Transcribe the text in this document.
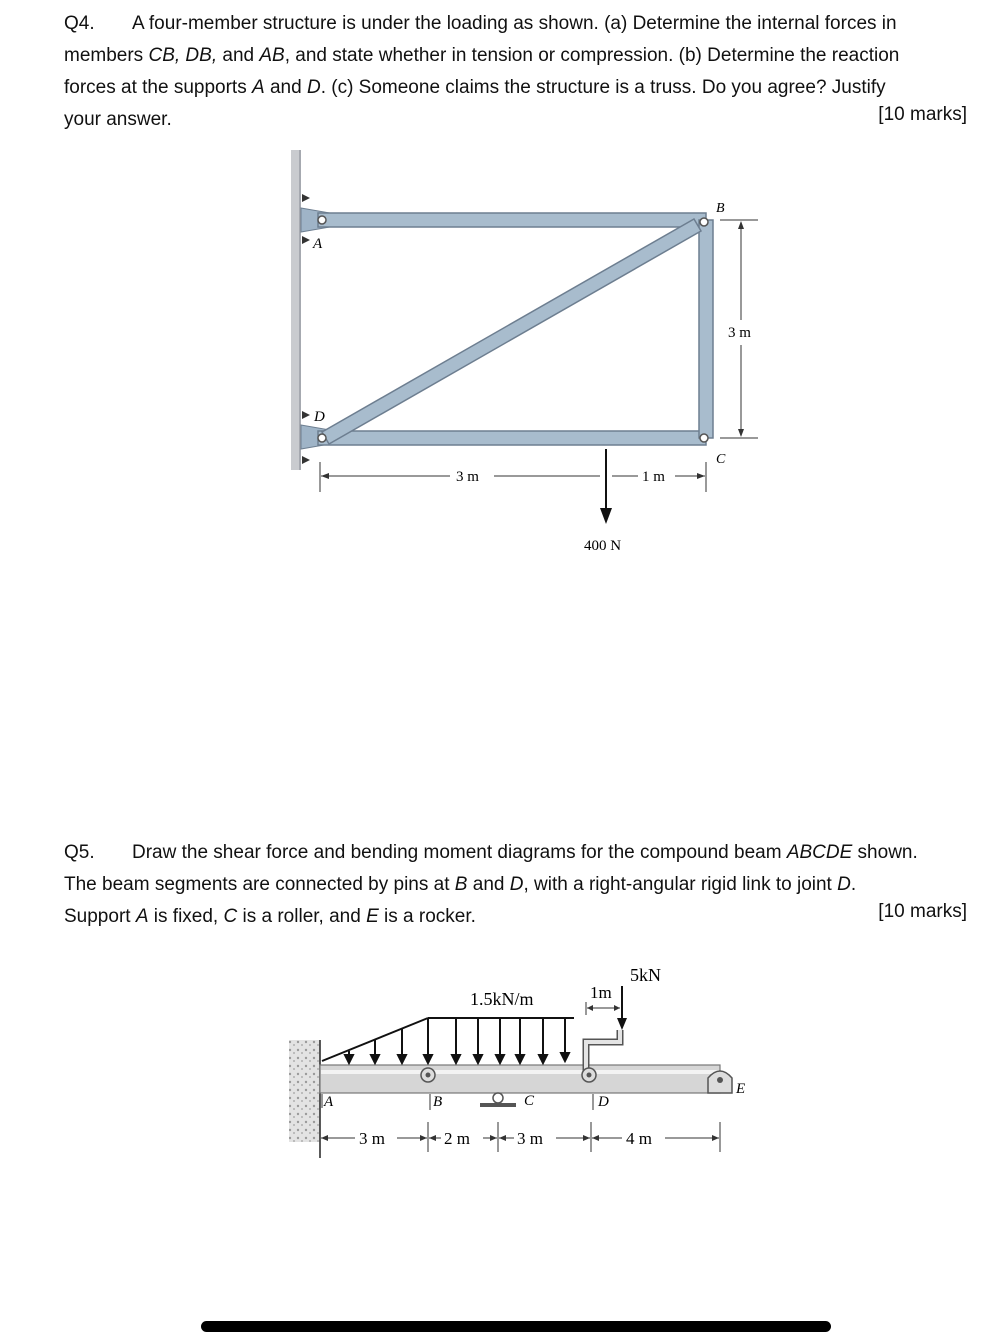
Q4. A four-member structure is under the loading as shown. (a) Determine the internal forces in
members CB, DB, and AB, and state whether in tension or compression. (b) Determine the reaction
forces at the supports A and D. (c) Someone claims the structure is a truss. Do you agree? Justify
your answer.	[10 marks]
A
D
B
C
3 m
3 m	1 m
400 N
Q5. Draw the shear force and bending moment diagrams for the compound beam ABCDE shown.
The beam segments are connected by pins at B and D, with a right-angular rigid link to joint D.
Support A is fixed, C is a roller, and E is a rocker.	[10 marks]
1.5kN/m
5kN
1m
A	B	C	D
E
3 m	2 m	3 m	4 m
